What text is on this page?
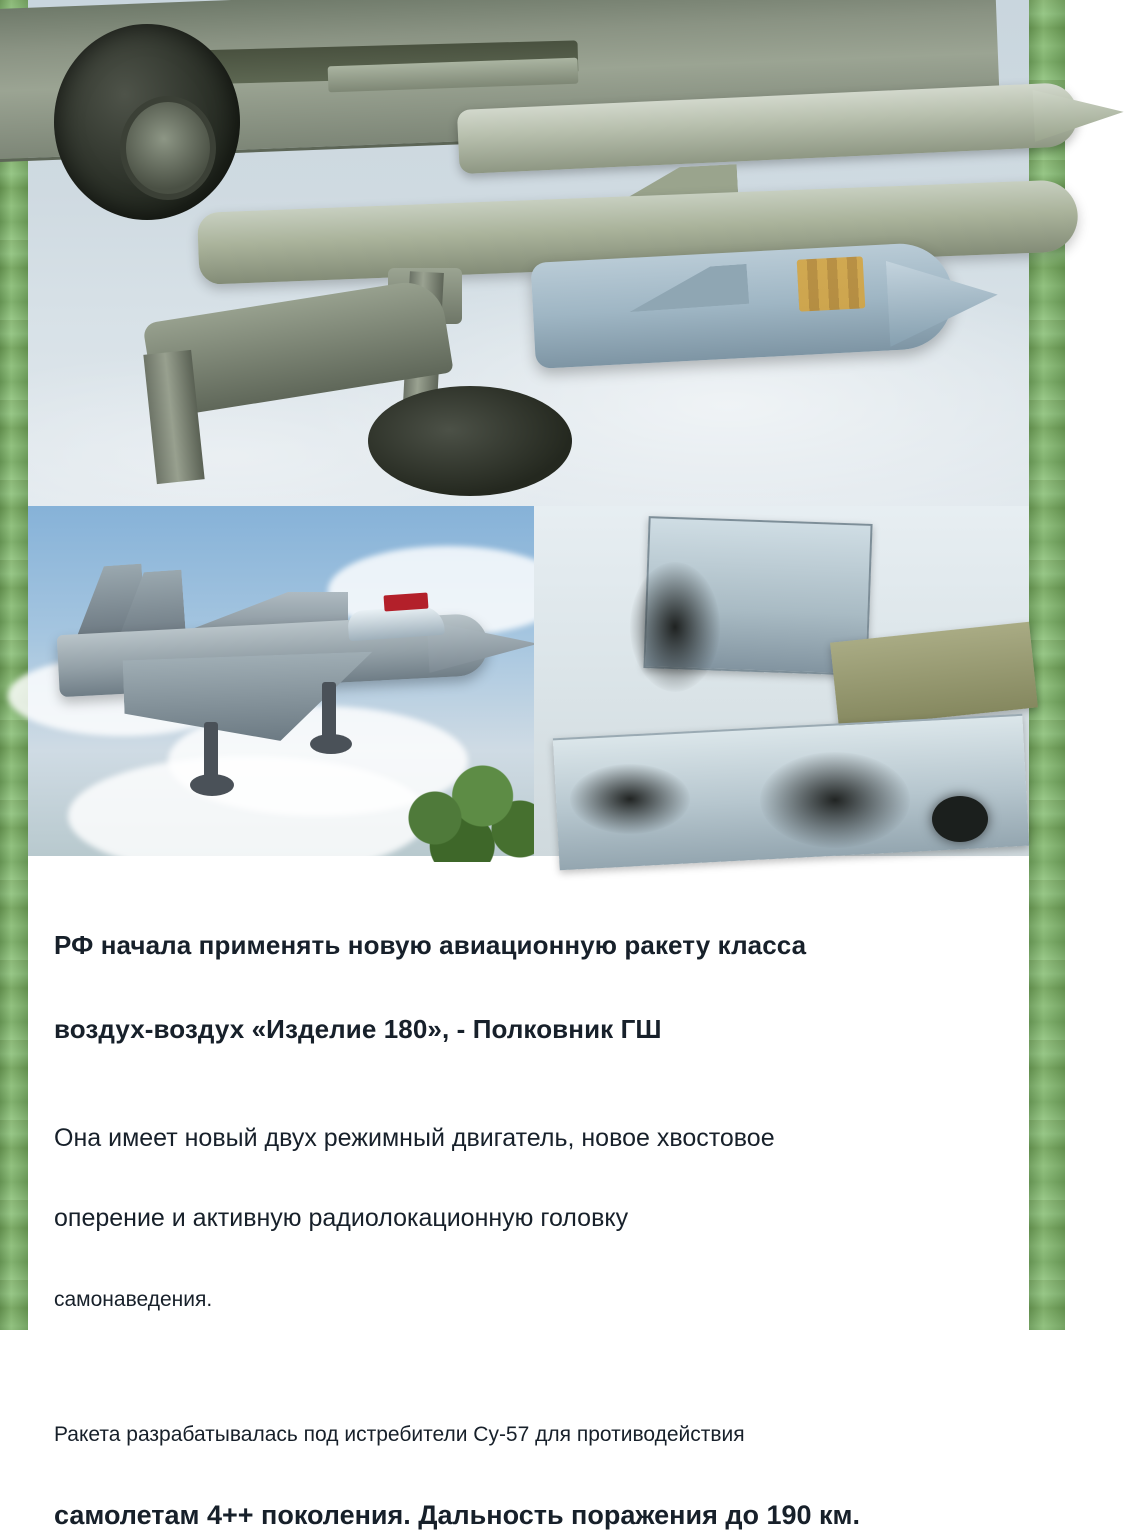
РФ начала применять новую авиационную ракету класса

воздух-воздух «Изделие 180», - Полковник ГШ

Она имеет новый двух режимный двигатель, новое хвостовое

оперение и активную радиолокационную головку

самонаведения.

Ракета разрабатывалась под истребители Су-57 для противодействия

самолетам 4++ поколения. Дальность поражения до 190 км.
